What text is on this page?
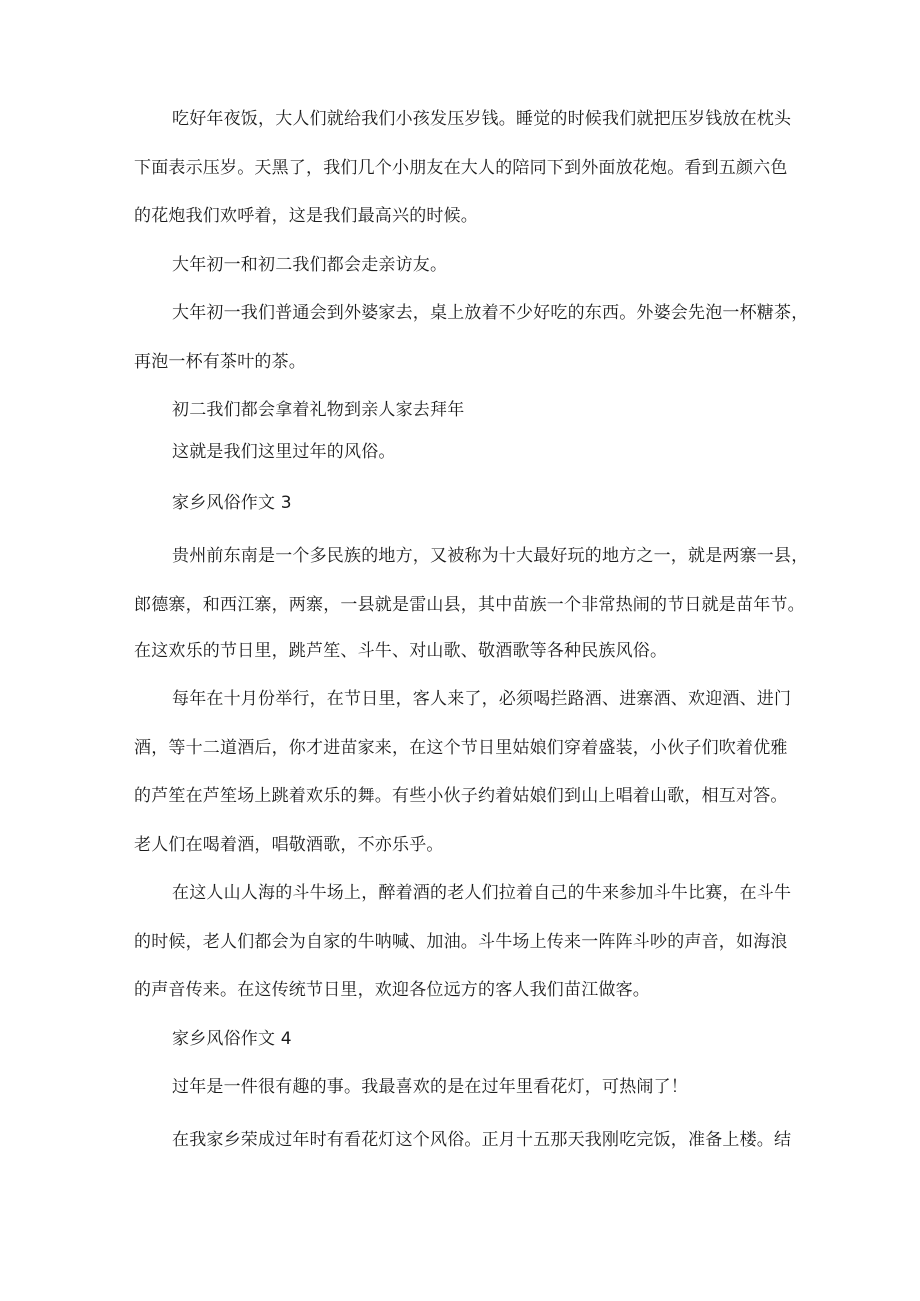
吃好年夜饭，大人们就给我们小孩发压岁钱。睡觉的时候我们就把压岁钱放在枕头
下面表示压岁。天黑了，我们几个小朋友在大人的陪同下到外面放花炮。看到五颜六色
的花炮我们欢呼着，这是我们最高兴的时候。
大年初一和初二我们都会走亲访友。
大年初一我们普通会到外婆家去，桌上放着不少好吃的东西。外婆会先泡一杯糖茶，
再泡一杯有茶叶的茶。
初二我们都会拿着礼物到亲人家去拜年
这就是我们这里过年的风俗。
家乡风俗作文 3
贵州前东南是一个多民族的地方，又被称为十大最好玩的地方之一，就是两寨一县，
郎德寨，和西江寨，两寨，一县就是雷山县，其中苗族一个非常热闹的节日就是苗年节。
在这欢乐的节日里，跳芦笙、斗牛、对山歌、敬酒歌等各种民族风俗。
每年在十月份举行，在节日里，客人来了，必须喝拦路酒、进寨酒、欢迎酒、进门
酒，等十二道酒后，你才进苗家来，在这个节日里姑娘们穿着盛装，小伙子们吹着优雅
的芦笙在芦笙场上跳着欢乐的舞。有些小伙子约着姑娘们到山上唱着山歌，相互对答。
老人们在喝着酒，唱敬酒歌，不亦乐乎。
在这人山人海的斗牛场上，醉着酒的老人们拉着自己的牛来参加斗牛比赛，在斗牛
的时候，老人们都会为自家的牛呐喊、加油。斗牛场上传来一阵阵斗吵的声音，如海浪
的声音传来。在这传统节日里，欢迎各位远方的客人我们苗江做客。
家乡风俗作文 4
过年是一件很有趣的事。我最喜欢的是在过年里看花灯，可热闹了！
在我家乡荣成过年时有看花灯这个风俗。正月十五那天我刚吃完饭，准备上楼。结
